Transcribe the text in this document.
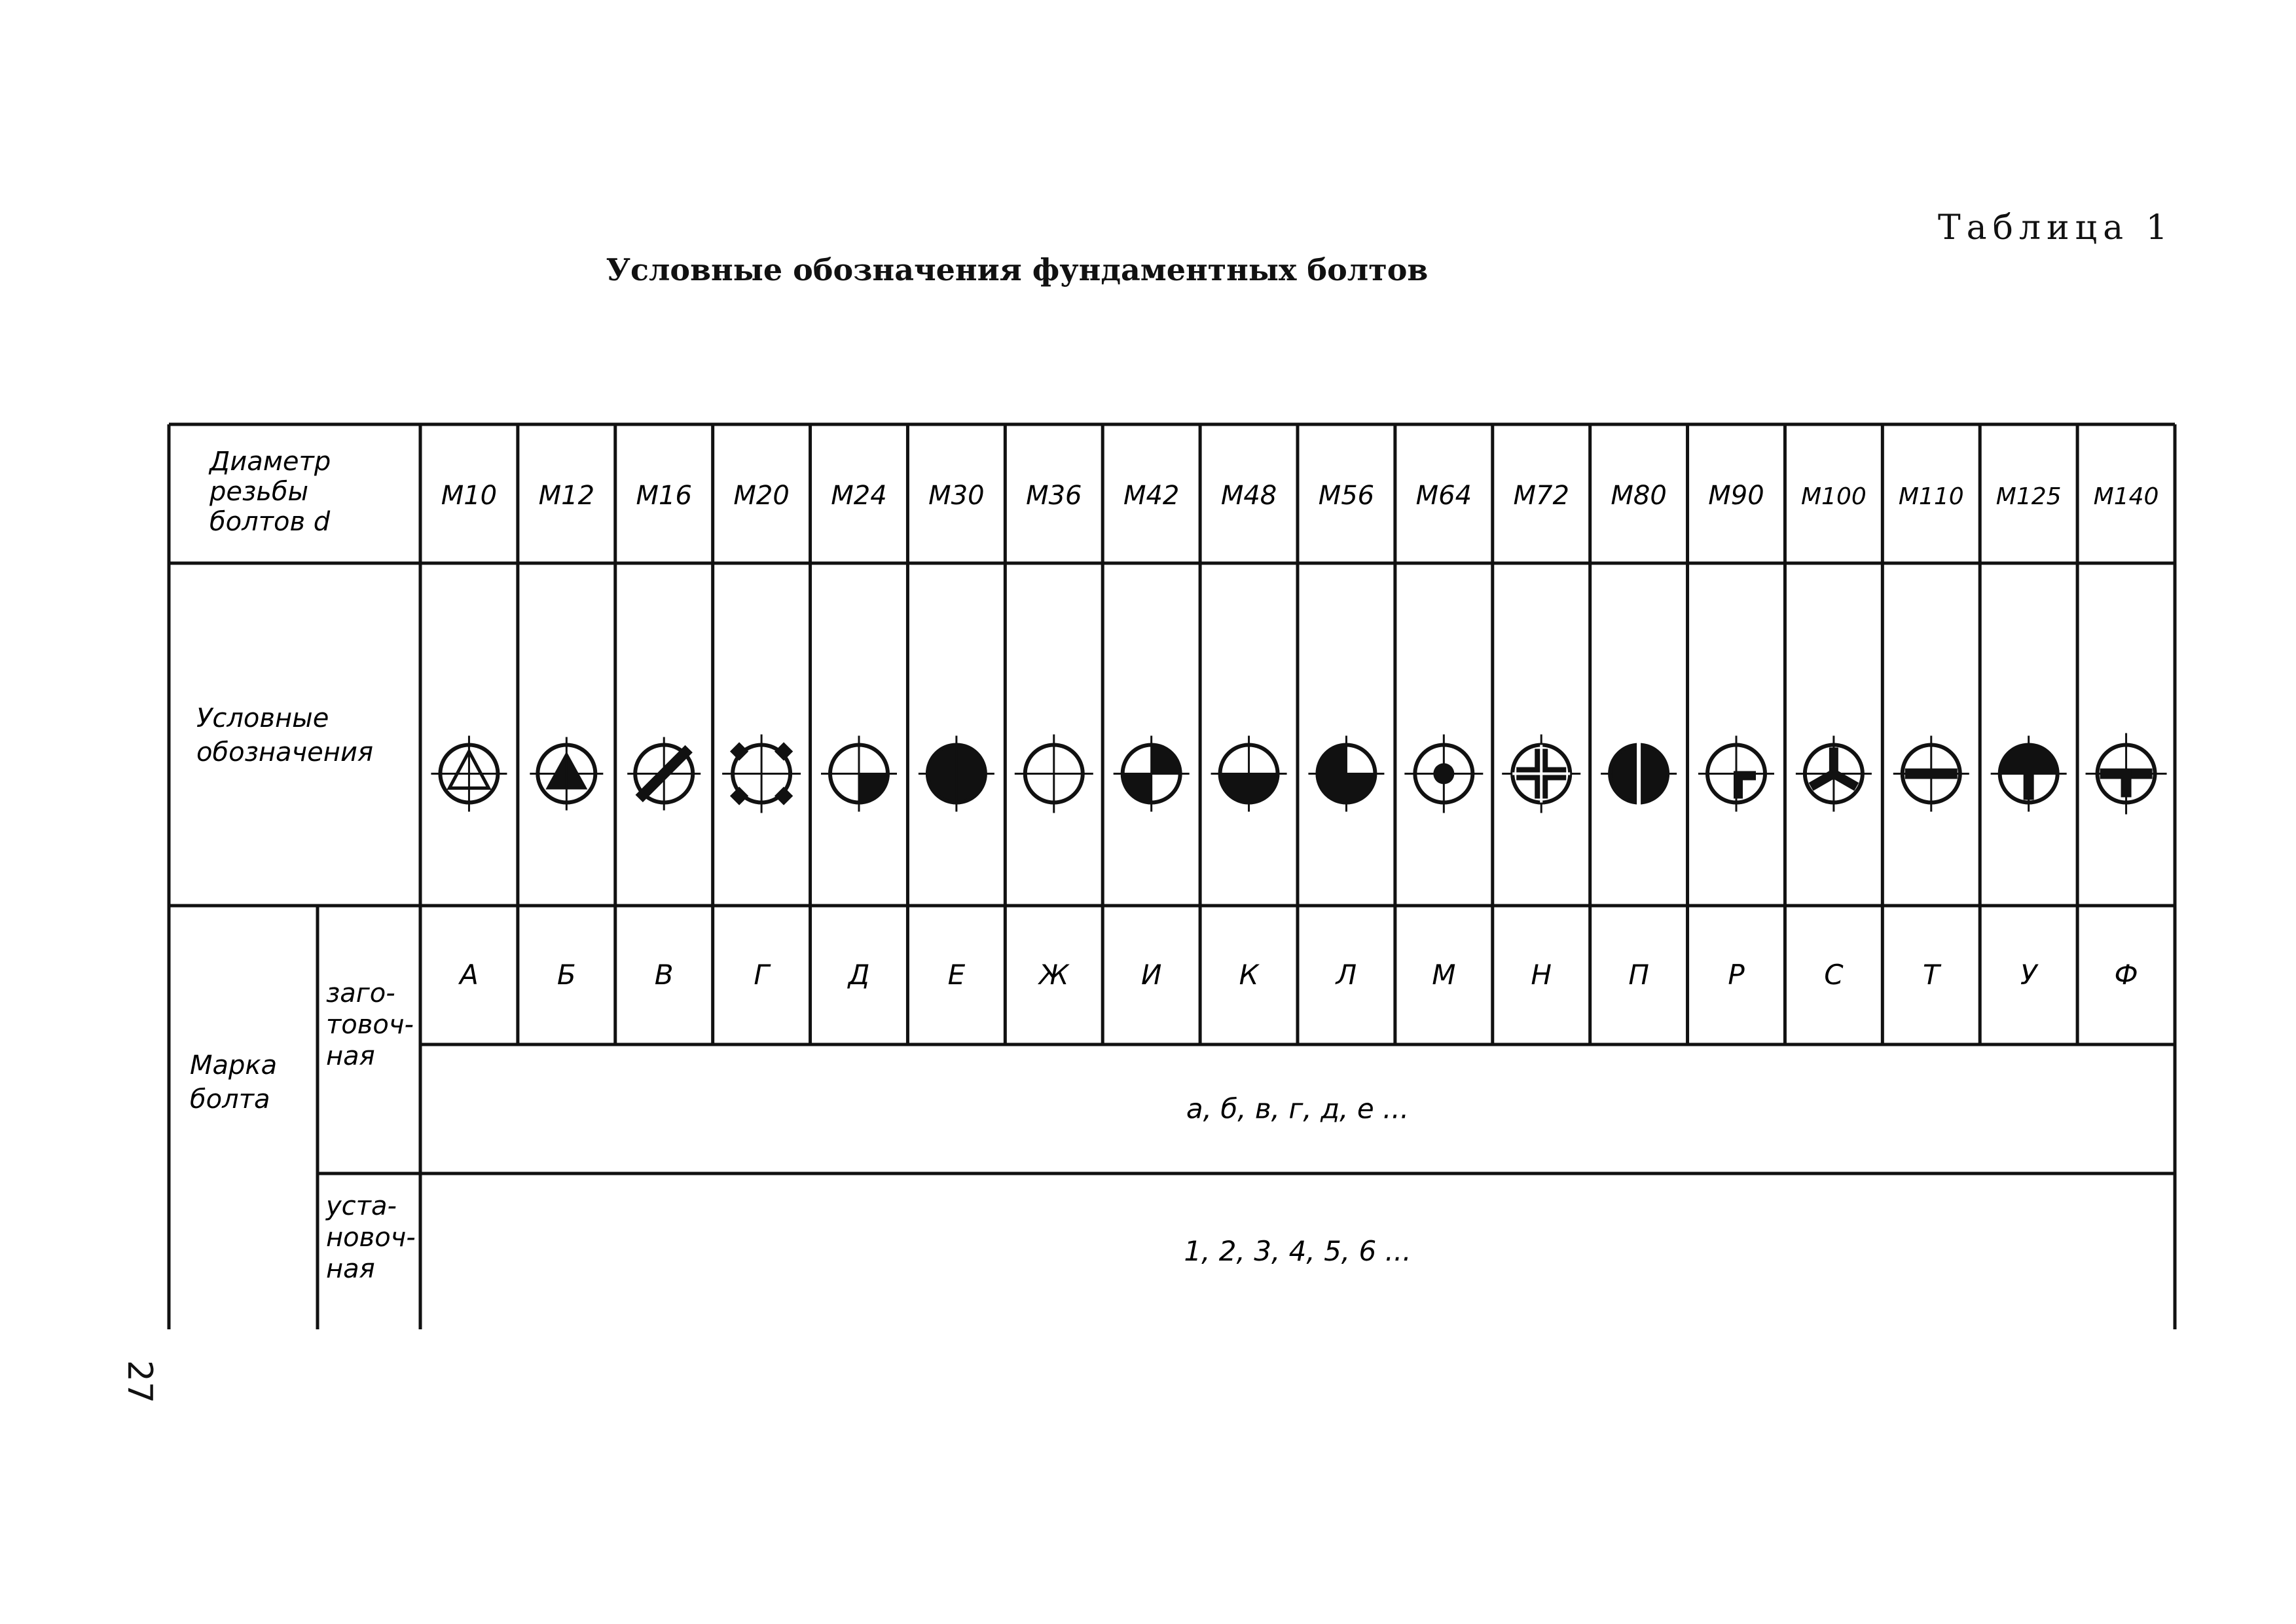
Таблица 1
Условные обозначения фундаментных болтов
27
Диаметр
резьбы
болтов d
Условные
обозначения
Марка
болта
заго-
товоч-
ная
уста-
новоч-
ная
M10
А
M12
Б
M16
В
M20
Г
M24
Д
M30
Е
M36
Ж
M42
И
M48
К
M56
Л
M64
М
M72
Н
M80
П
M90
Р
M100
С
M110
Т
M125
У
M140
Ф
а, б, в, г, д, е ...
1, 2, 3, 4, 5, 6 ...
